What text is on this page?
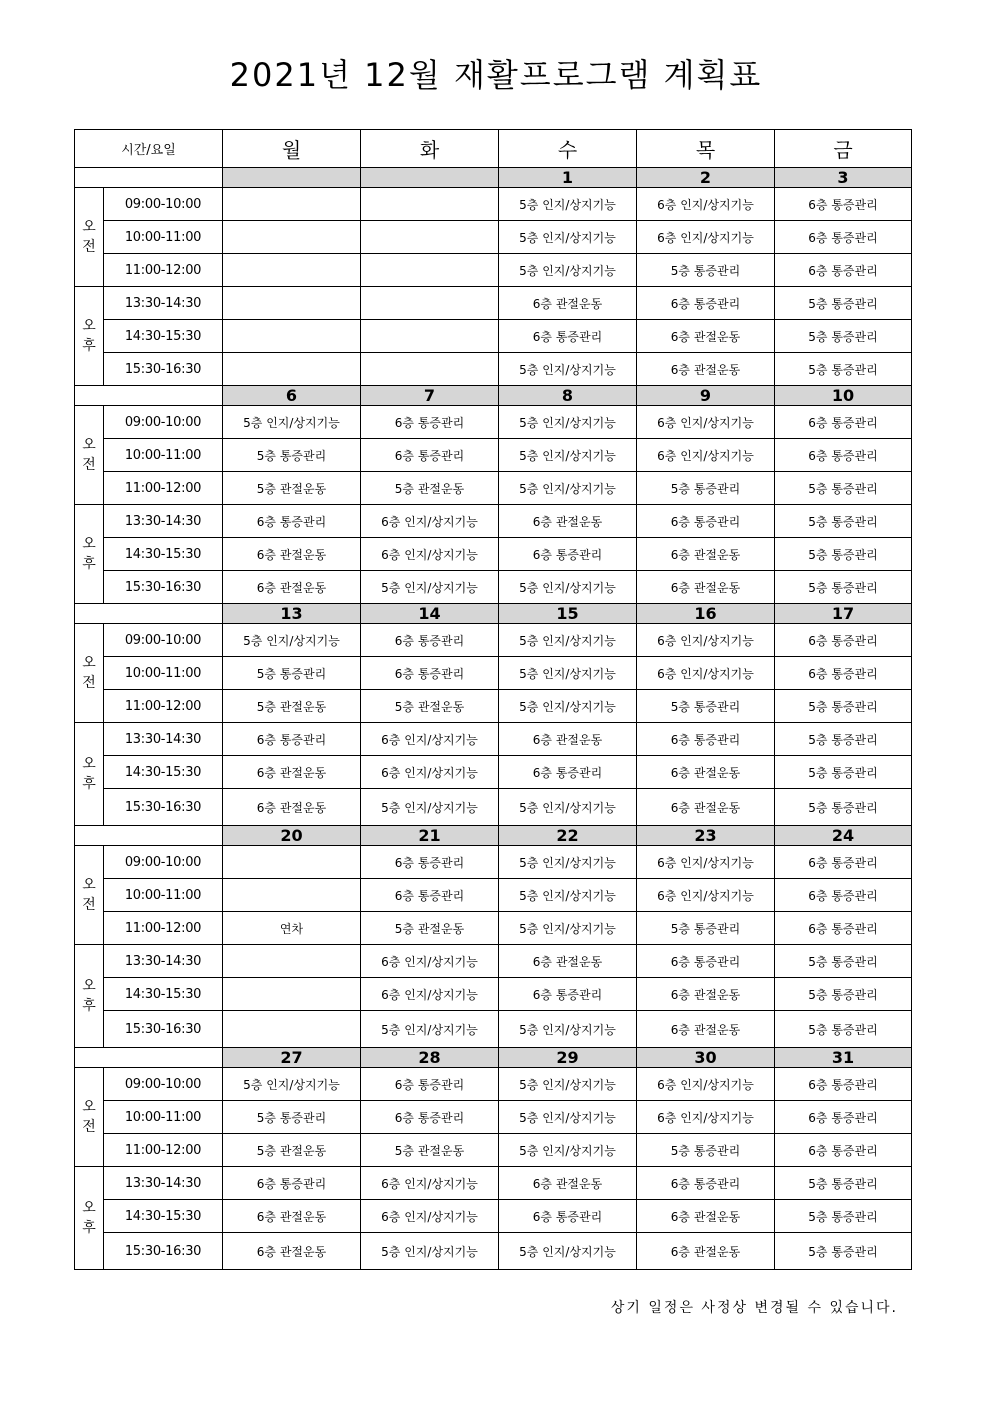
2021년 12월 재활프로그램 계획표
시간/요일		월	화	수	목	금
				1	2	3

오
전	09:00-10:00			5층 인지/상지기능	6층 인지/상지기능	6층 통증관리
	10:00-11:00			5층 인지/상지기능	6층 인지/상지기능	6층 통증관리
	11:00-12:00			5층 인지/상지기능	5층 통증관리	6층 통증관리

오
후	13:30-14:30			6층 관절운동	6층 통증관리	5층 통증관리
	14:30-15:30			6층 통증관리	6층 관절운동	5층 통증관리
	15:30-16:30			5층 인지/상지기능	6층 관절운동	5층 통증관리
		6	7	8	9	10

오
전	09:00-10:00	5층 인지/상지기능	6층 통증관리	5층 인지/상지기능	6층 인지/상지기능	6층 통증관리
	10:00-11:00	5층 통증관리	6층 통증관리	5층 인지/상지기능	6층 인지/상지기능	6층 통증관리
	11:00-12:00	5층 관절운동	5층 관절운동	5층 인지/상지기능	5층 통증관리	5층 통증관리

오
후	13:30-14:30	6층 통증관리	6층 인지/상지기능	6층 관절운동	6층 통증관리	5층 통증관리
	14:30-15:30	6층 관절운동	6층 인지/상지기능	6층 통증관리	6층 관절운동	5층 통증관리
	15:30-16:30	6층 관절운동	5층 인지/상지기능	5층 인지/상지기능	6층 관절운동	5층 통증관리
		13	14	15	16	17

오
전	09:00-10:00	5층 인지/상지기능	6층 통증관리	5층 인지/상지기능	6층 인지/상지기능	6층 통증관리
	10:00-11:00	5층 통증관리	6층 통증관리	5층 인지/상지기능	6층 인지/상지기능	6층 통증관리
	11:00-12:00	5층 관절운동	5층 관절운동	5층 인지/상지기능	5층 통증관리	5층 통증관리

오
후	13:30-14:30	6층 통증관리	6층 인지/상지기능	6층 관절운동	6층 통증관리	5층 통증관리
	14:30-15:30	6층 관절운동	6층 인지/상지기능	6층 통증관리	6층 관절운동	5층 통증관리
	15:30-16:30	6층 관절운동	5층 인지/상지기능	5층 인지/상지기능	6층 관절운동	5층 통증관리
		20	21	22	23	24

오
전	09:00-10:00		6층 통증관리	5층 인지/상지기능	6층 인지/상지기능	6층 통증관리
	10:00-11:00		6층 통증관리	5층 인지/상지기능	6층 인지/상지기능	6층 통증관리
	11:00-12:00	연차	5층 관절운동	5층 인지/상지기능	5층 통증관리	6층 통증관리

오
후	13:30-14:30		6층 인지/상지기능	6층 관절운동	6층 통증관리	5층 통증관리
	14:30-15:30		6층 인지/상지기능	6층 통증관리	6층 관절운동	5층 통증관리
	15:30-16:30		5층 인지/상지기능	5층 인지/상지기능	6층 관절운동	5층 통증관리
		27	28	29	30	31

오
전	09:00-10:00	5층 인지/상지기능	6층 통증관리	5층 인지/상지기능	6층 인지/상지기능	6층 통증관리
	10:00-11:00	5층 통증관리	6층 통증관리	5층 인지/상지기능	6층 인지/상지기능	6층 통증관리
	11:00-12:00	5층 관절운동	5층 관절운동	5층 인지/상지기능	5층 통증관리	6층 통증관리

오
후	13:30-14:30	6층 통증관리	6층 인지/상지기능	6층 관절운동	6층 통증관리	5층 통증관리
	14:30-15:30	6층 관절운동	6층 인지/상지기능	6층 통증관리	6층 관절운동	5층 통증관리
	15:30-16:30	6층 관절운동	5층 인지/상지기능	5층 인지/상지기능	6층 관절운동	5층 통증관리

상기 일정은 사정상 변경될 수 있습니다.
